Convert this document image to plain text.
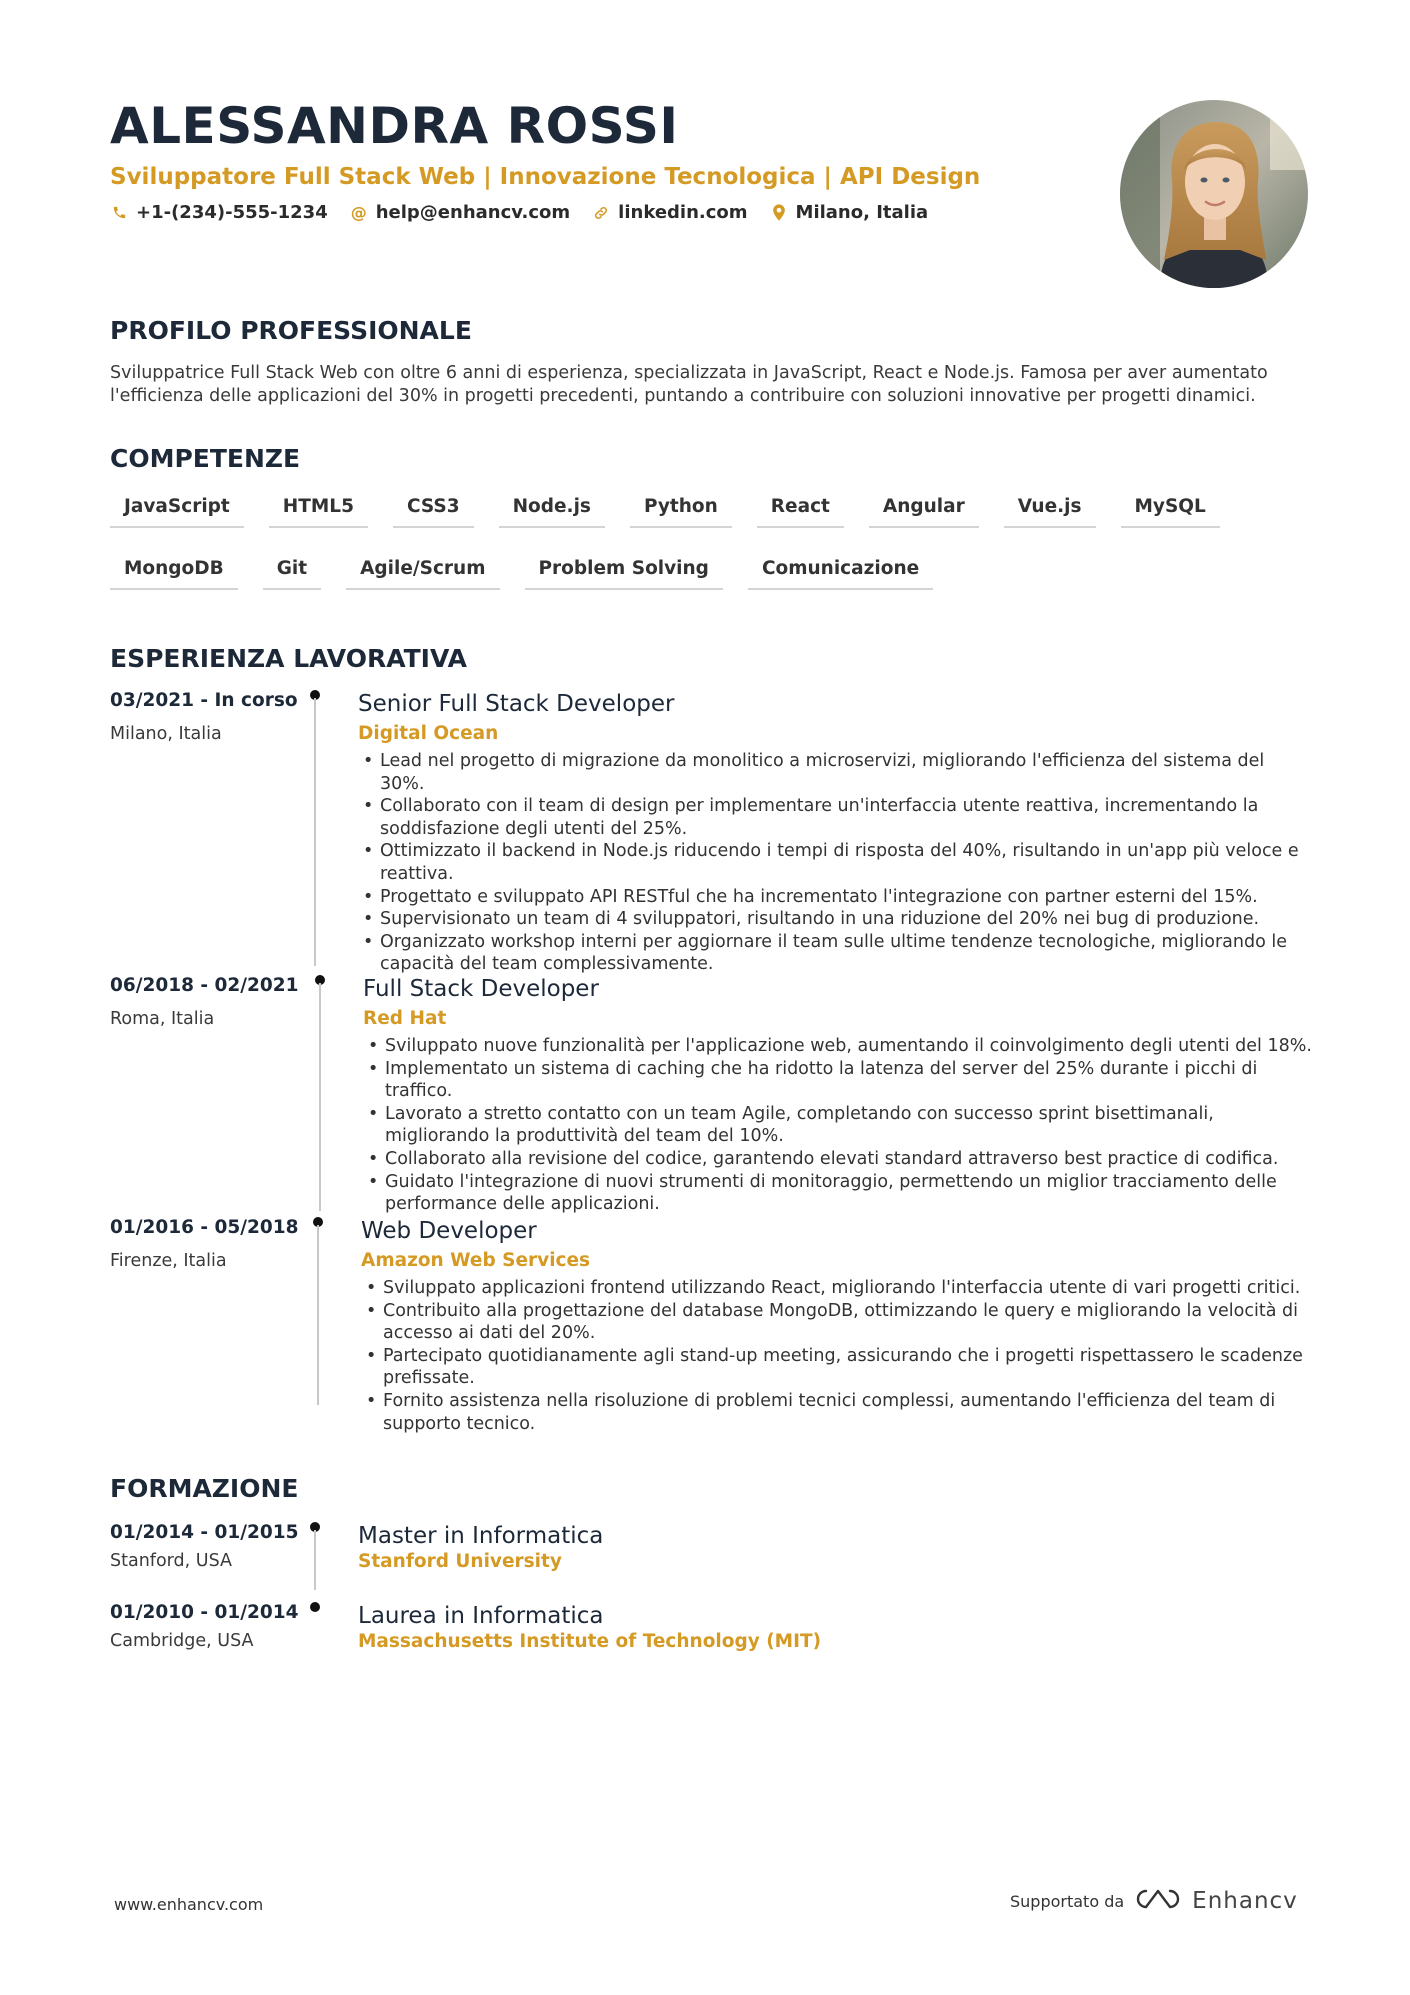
ALESSANDRA ROSSI
Sviluppatore Full Stack Web | Innovazione Tecnologica | API Design
+1-(234)-555-1234 @ help@enhancv.com	linkedin.com	Milano, Italia
PROFILO PROFESSIONALE
Sviluppatrice Full Stack Web con oltre 6 anni di esperienza, specializzata in JavaScript, React e Node.js. Famosa per aver aumentato l'efficienza delle applicazioni del 30% in progetti precedenti, puntando a contribuire con soluzioni innovative per progetti dinamici.
COMPETENZE
JavaScript	HTML5	CSS3	Node.js	Python	React	Angular	Vue.js	MySQL
MongoDB	Git	Agile/Scrum	Problem Solving	Comunicazione
ESPERIENZA LAVORATIVA
03/2021 - In corso
Milano, Italia
Senior Full Stack Developer
Digital Ocean
• Lead nel progetto di migrazione da monolitico a microservizi, migliorando l'efficienza del sistema del 30%.
• Collaborato con il team di design per implementare un'interfaccia utente reattiva, incrementando la soddisfazione degli utenti del 25%.
• Ottimizzato il backend in Node.js riducendo i tempi di risposta del 40%, risultando in un'app più veloce e reattiva.
• Progettato e sviluppato API RESTful che ha incrementato l'integrazione con partner esterni del 15%.
• Supervisionato un team di 4 sviluppatori, risultando in una riduzione del 20% nei bug di produzione.
• Organizzato workshop interni per aggiornare il team sulle ultime tendenze tecnologiche, migliorando le capacità del team complessivamente.
06/2018 - 02/2021
Roma, Italia
Full Stack Developer
Red Hat
• Sviluppato nuove funzionalità per l'applicazione web, aumentando il coinvolgimento degli utenti del 18%.
• Implementato un sistema di caching che ha ridotto la latenza del server del 25% durante i picchi di traffico.
• Lavorato a stretto contatto con un team Agile, completando con successo sprint bisettimanali, migliorando la produttività del team del 10%.
• Collaborato alla revisione del codice, garantendo elevati standard attraverso best practice di codifica.
• Guidato l'integrazione di nuovi strumenti di monitoraggio, permettendo un miglior tracciamento delle performance delle applicazioni.
01/2016 - 05/2018
Firenze, Italia
Web Developer
Amazon Web Services
• Sviluppato applicazioni frontend utilizzando React, migliorando l'interfaccia utente di vari progetti critici.
• Contribuito alla progettazione del database MongoDB, ottimizzando le query e migliorando la velocità di accesso ai dati del 20%.
• Partecipato quotidianamente agli stand-up meeting, assicurando che i progetti rispettassero le scadenze prefissate.
• Fornito assistenza nella risoluzione di problemi tecnici complessi, aumentando l'efficienza del team di supporto tecnico.
FORMAZIONE
01/2014 - 01/2015
Stanford, USA
Master in Informatica
Stanford University
01/2010 - 01/2014
Cambridge, USA
Laurea in Informatica
Massachusetts Institute of Technology (MIT)
www.enhancv.com	Supportato da	Enhancv
